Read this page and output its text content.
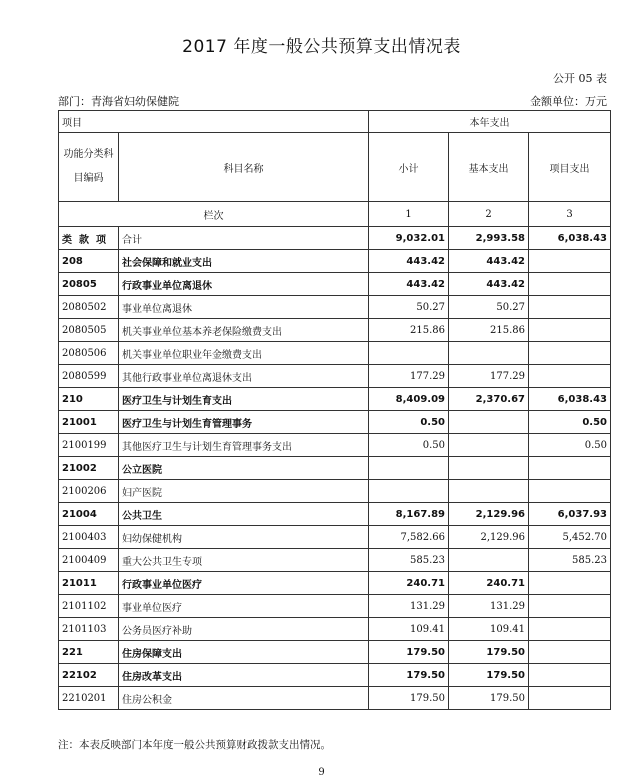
2017 年度一般公共预算支出情况表
公开 05 表
部门：青海省妇幼保健院	金额单位：万元
项目		本年支出		
功能分类科目编码	科目名称	小计	基本支出	项目支出
栏次		1	2	3
类 款 项	合计	9,032.01	2,993.58	6,038.43
208	社会保障和就业支出	443.42	443.42	
20805	行政事业单位离退休	443.42	443.42	
2080502	事业单位离退休	50.27	50.27	
2080505	机关事业单位基本养老保险缴费支出	215.86	215.86	
2080506	机关事业单位职业年金缴费支出			
2080599	其他行政事业单位离退休支出	177.29	177.29	
210	医疗卫生与计划生育支出	8,409.09	2,370.67	6,038.43
21001	医疗卫生与计划生育管理事务	0.50		0.50
2100199	其他医疗卫生与计划生育管理事务支出	0.50		0.50
21002	公立医院			
2100206	妇产医院			
21004	公共卫生	8,167.89	2,129.96	6,037.93
2100403	妇幼保健机构	7,582.66	2,129.96	5,452.70
2100409	重大公共卫生专项	585.23		585.23
21011	行政事业单位医疗	240.71	240.71	
2101102	事业单位医疗	131.29	131.29	
2101103	公务员医疗补助	109.41	109.41	
221	住房保障支出	179.50	179.50	
22102	住房改革支出	179.50	179.50	
2210201	住房公积金	179.50	179.50	
注：本表反映部门本年度一般公共预算财政拨款支出情况。
9
